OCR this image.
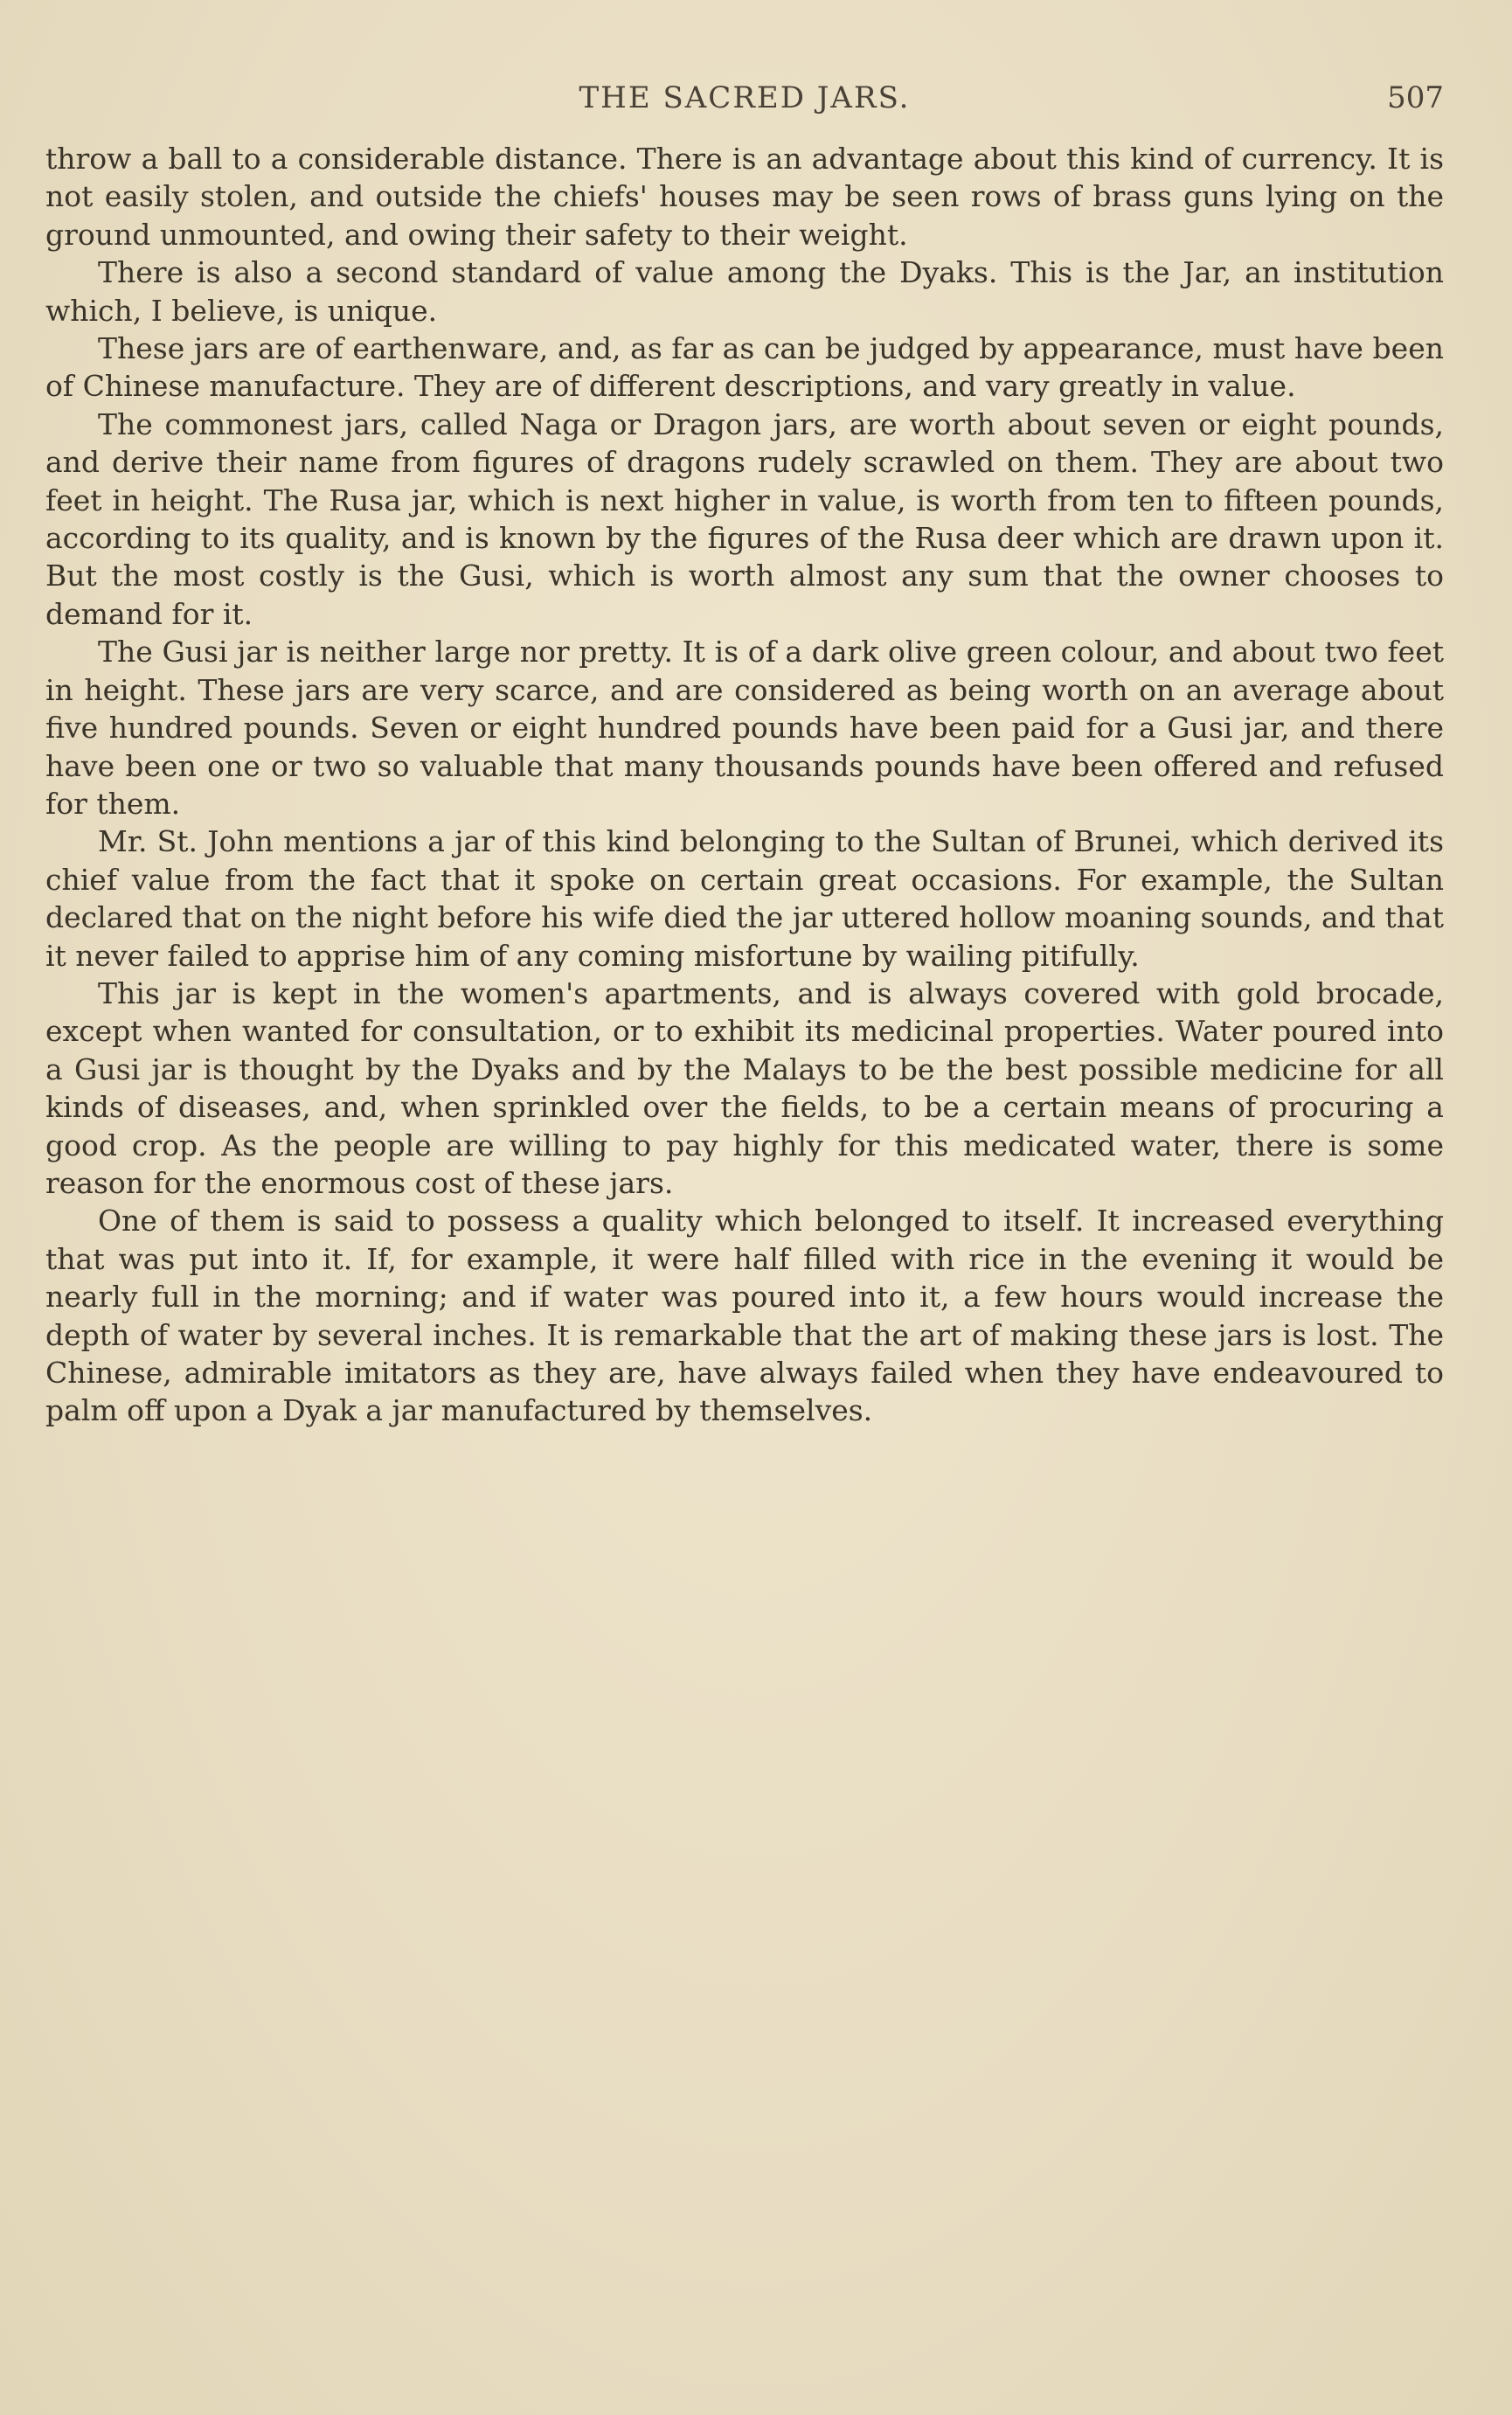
THE SACRED JARS.	507

throw a ball to a considerable distance. There is an advantage about this kind of currency. It is not easily stolen, and outside the chiefs' houses may be seen rows of brass guns lying on the ground unmounted, and owing their safety to their weight.

There is also a second standard of value among the Dyaks. This is the Jar, an institution which, I believe, is unique.

These jars are of earthenware, and, as far as can be judged by appearance, must have been of Chinese manufacture. They are of different descriptions, and vary greatly in value.

The commonest jars, called Naga or Dragon jars, are worth about seven or eight pounds, and derive their name from figures of dragons rudely scrawled on them. They are about two feet in height. The Rusa jar, which is next higher in value, is worth from ten to fifteen pounds, according to its quality, and is known by the figures of the Rusa deer which are drawn upon it. But the most costly is the Gusi, which is worth almost any sum that the owner chooses to demand for it.

The Gusi jar is neither large nor pretty. It is of a dark olive green colour, and about two feet in height. These jars are very scarce, and are considered as being worth on an average about five hundred pounds. Seven or eight hundred pounds have been paid for a Gusi jar, and there have been one or two so valuable that many thousands pounds have been offered and refused for them.

Mr. St. John mentions a jar of this kind belonging to the Sultan of Brunei, which derived its chief value from the fact that it spoke on certain great occasions. For example, the Sultan declared that on the night before his wife died the jar uttered hollow moaning sounds, and that it never failed to apprise him of any coming misfortune by wailing pitifully.

This jar is kept in the women's apartments, and is always covered with gold brocade, except when wanted for consultation, or to exhibit its medicinal properties. Water poured into a Gusi jar is thought by the Dyaks and by the Malays to be the best possible medicine for all kinds of diseases, and, when sprinkled over the fields, to be a certain means of procuring a good crop. As the people are willing to pay highly for this medicated water, there is some reason for the enormous cost of these jars.

One of them is said to possess a quality which belonged to itself. It increased everything that was put into it. If, for example, it were half filled with rice in the evening it would be nearly full in the morning; and if water was poured into it, a few hours would increase the depth of water by several inches. It is remarkable that the art of making these jars is lost. The Chinese, admirable imitators as they are, have always failed when they have endeavoured to palm off upon a Dyak a jar manufactured by themselves.
